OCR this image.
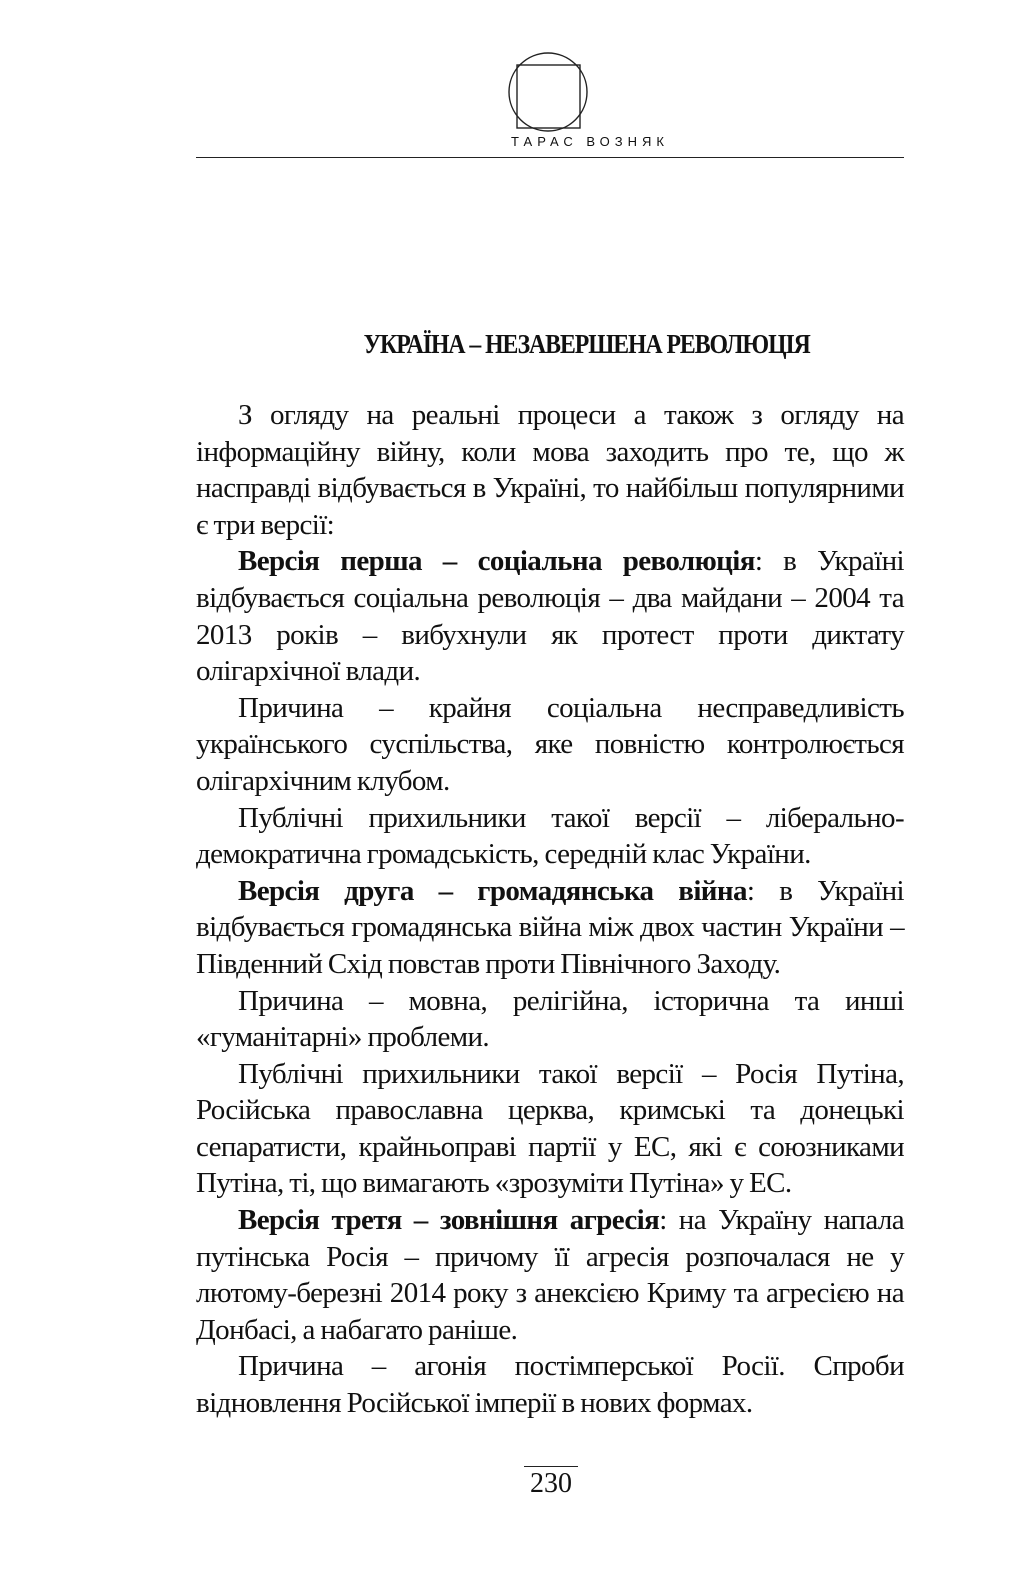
ТАРАС ВОЗНЯК
УКРАЇНА – НЕЗАВЕРШЕНА РЕВОЛЮЦІЯ

З огляду на реальні процеси а також з огляду на інформаційну війну, коли мова заходить про те, що ж насправді відбувається в Україні, то найбільш популярними є три версії:

Версія перша – соціальна революція: в Україні відбувається соціальна революція – два майдани – 2004 та 2013 років – вибухнули як протест проти диктату олігархічної влади.

Причина – крайня соціальна несправедливість українського суспільства, яке повністю контролюється олігархічним клубом.

Публічні прихильники такої версії – ліберально-демократична громадськість, середній клас України.

Версія друга – громадянська війна: в Україні відбувається громадянська війна між двох частин України – Південний Схід повстав проти Північного Заходу.

Причина – мовна, релігійна, історична та инші «гуманітарні» проблеми.

Публічні прихильники такої версії – Росія Путіна, Російська православна церква, кримські та донецькі сепаратисти, крайньоправі партії у ЕС, які є союзниками Путіна, ті, що вимагають «зрозуміти Путіна» у ЕС.

Версія третя – зовнішня агресія: на Україну напала путінська Росія – причому її агресія розпочалася не у лютому-березні 2014 року з анексією Криму та агресією на Донбасі, а набагато раніше.

Причина – агонія постімперської Росії. Спроби відновлення Російської імперії в нових формах.

230
